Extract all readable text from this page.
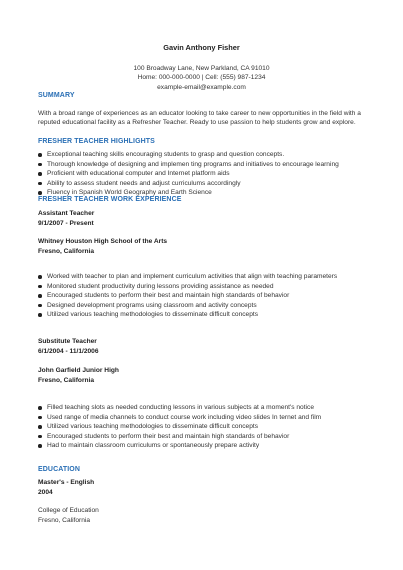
Gavin Anthony Fisher
100 Broadway Lane, New Parkland, CA 91010
Home: 000-000-0000 | Cell: (555) 987-1234
example-email@example.com
SUMMARY
With a broad range of experiences as an educator looking to take career to new opportunities in the field with a reputed educational facility as a Refresher Teacher. Ready to use passion to help students grow and explore.
FRESHER TEACHER HIGHLIGHTS
Exceptional teaching skills encouraging students to grasp and question concepts.
Thorough knowledge of designing and implemen ting programs and initiatives to encourage learning
Proficient with educational computer and Internet platform aids
Ability to assess student needs and adjust curriculums accordingly
Fluency in Spanish World Geography and Earth Science
FRESHER TEACHER WORK EXPERIENCE
Assistant Teacher
9/1/2007 - Present
Whitney Houston High School of the Arts
Fresno, California
Worked with teacher to plan and implement curriculum activities that align with teaching parameters
Monitored student productivity during lessons providing assistance as needed
Encouraged students to perform their best and maintain high standards of behavior
Designed development programs using classroom and activity concepts
Utilized various teaching methodologies to disseminate difficult concepts
Substitute Teacher
6/1/2004 - 11/1/2006
John Garfield Junior High
Fresno, California
Filled teaching slots as needed conducting lessons in various subjects at a moment's notice
Used range of media channels to conduct course work including video slides In ternet and film
Utilized various teaching methodologies to disseminate difficult concepts
Encouraged students to perform their best and maintain high standards of behavior
Had to maintain classroom curriculums or spontaneously prepare activity
EDUCATION
Master's - English
2004
College of Education
Fresno, California
